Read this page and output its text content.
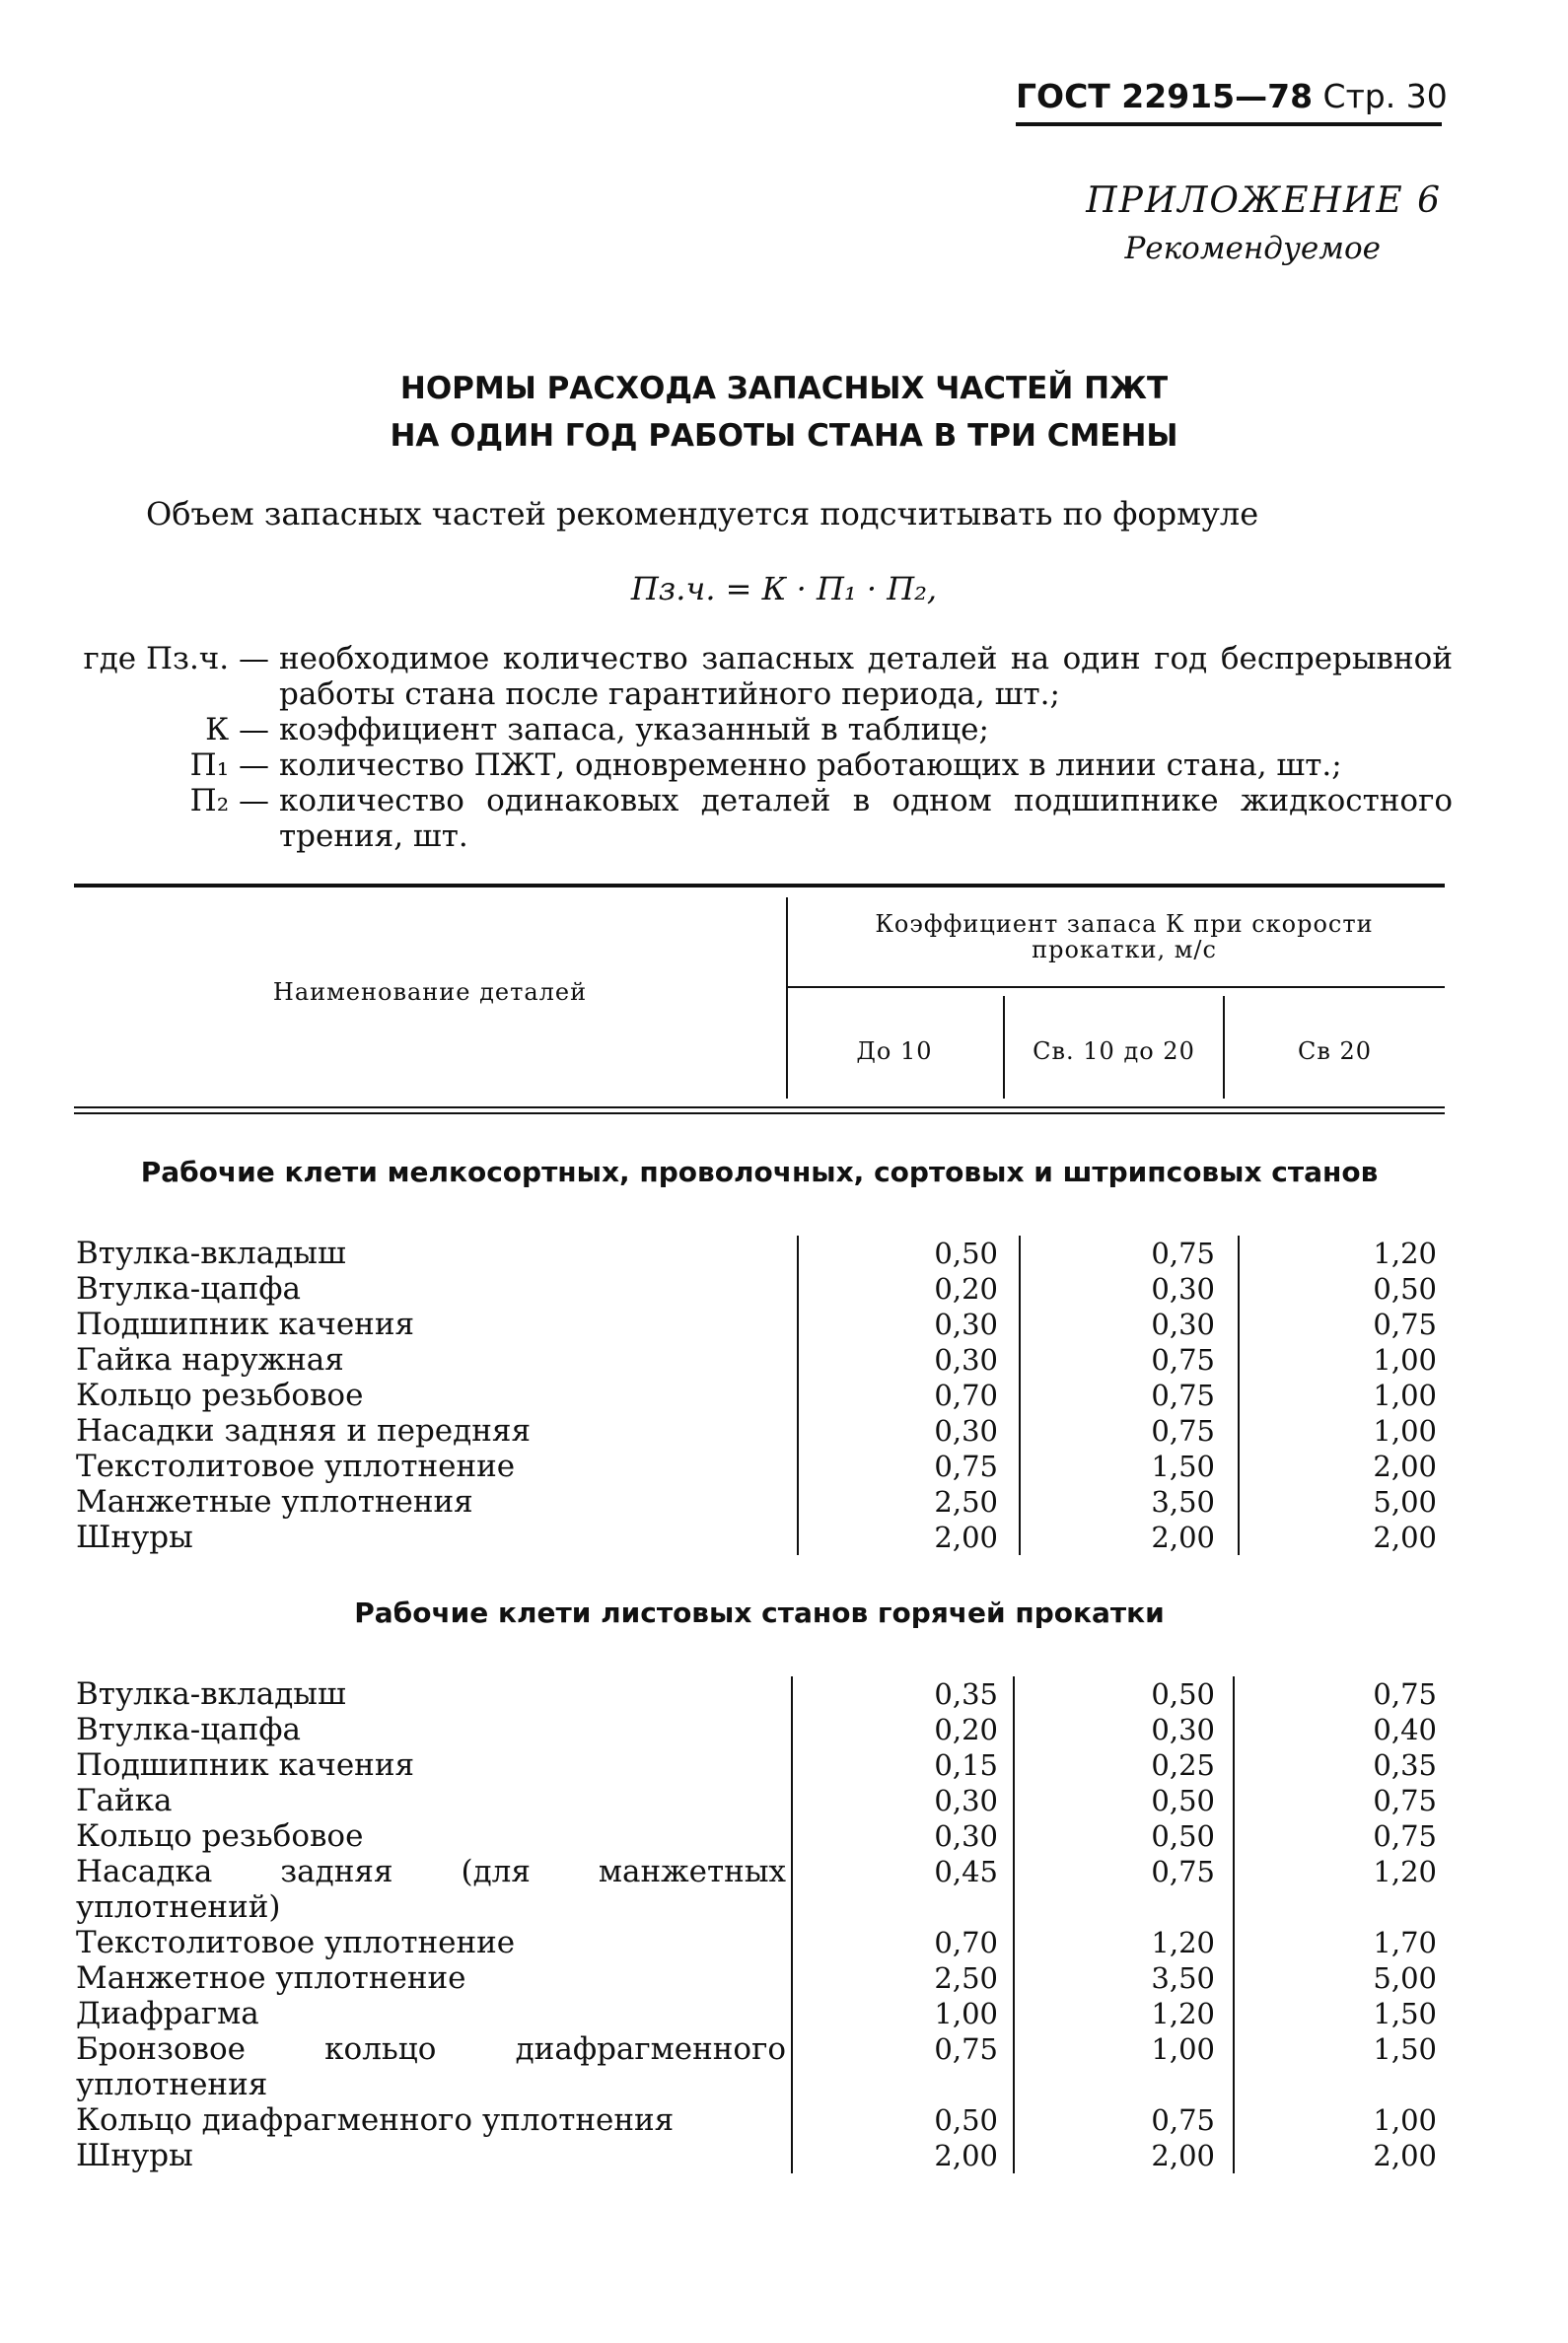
ГОСТ 22915—78 Стр. 30
ПРИЛОЖЕНИЕ 6
Рекомендуемое
НОРМЫ РАСХОДА ЗАПАСНЫХ ЧАСТЕЙ ПЖТ
НА ОДИН ГОД РАБОТЫ СТАНА В ТРИ СМЕНЫ
Объем запасных частей рекомендуется подсчитывать по формуле
Пз.ч. = К · П₁ · П₂,
где Пз.ч. — необходимое количество запасных деталей на один год беспрерывной работы стана после гарантийного периода, шт.;
К — коэффициент запаса, указанный в таблице;
П₁ — количество ПЖТ, одновременно работающих в линии стана, шт.;
П₂ — количество одинаковых деталей в одном подшипнике жидкостного трения, шт.
Наименование деталей
Коэффициент запаса К при скорости прокатки, м/с
До 10	Св. 10 до 20	Св 20
Рабочие клети мелкосортных, проволочных, сортовых и штрипсовых станов
Втулка-вкладыш	0,50	0,75	1,20
Втулка-цапфа	0,20	0,30	0,50
Подшипник качения	0,30	0,30	0,75
Гайка наружная	0,30	0,75	1,00
Кольцо резьбовое	0,70	0,75	1,00
Насадки задняя и передняя	0,30	0,75	1,00
Текстолитовое уплотнение	0,75	1,50	2,00
Манжетные уплотнения	2,50	3,50	5,00
Шнуры	2,00	2,00	2,00
Рабочие клети листовых станов горячей прокатки
Втулка-вкладыш	0,35	0,50	0,75
Втулка-цапфа	0,20	0,30	0,40
Подшипник качения	0,15	0,25	0,35
Гайка	0,30	0,50	0,75
Кольцо резьбовое	0,30	0,50	0,75
Насадка задняя (для манжетных уплотнений)
0,45	0,75	1,20
Текстолитовое уплотнение	0,70	1,20	1,70
Манжетное уплотнение	2,50	3,50	5,00
Диафрагма	1,00	1,20	1,50
Бронзовое кольцо диафрагменного уплотнения
0,75	1,00	1,50
Кольцо диафрагменного уплотнения	0,50	0,75	1,00
Шнуры	2,00	2,00	2,00
